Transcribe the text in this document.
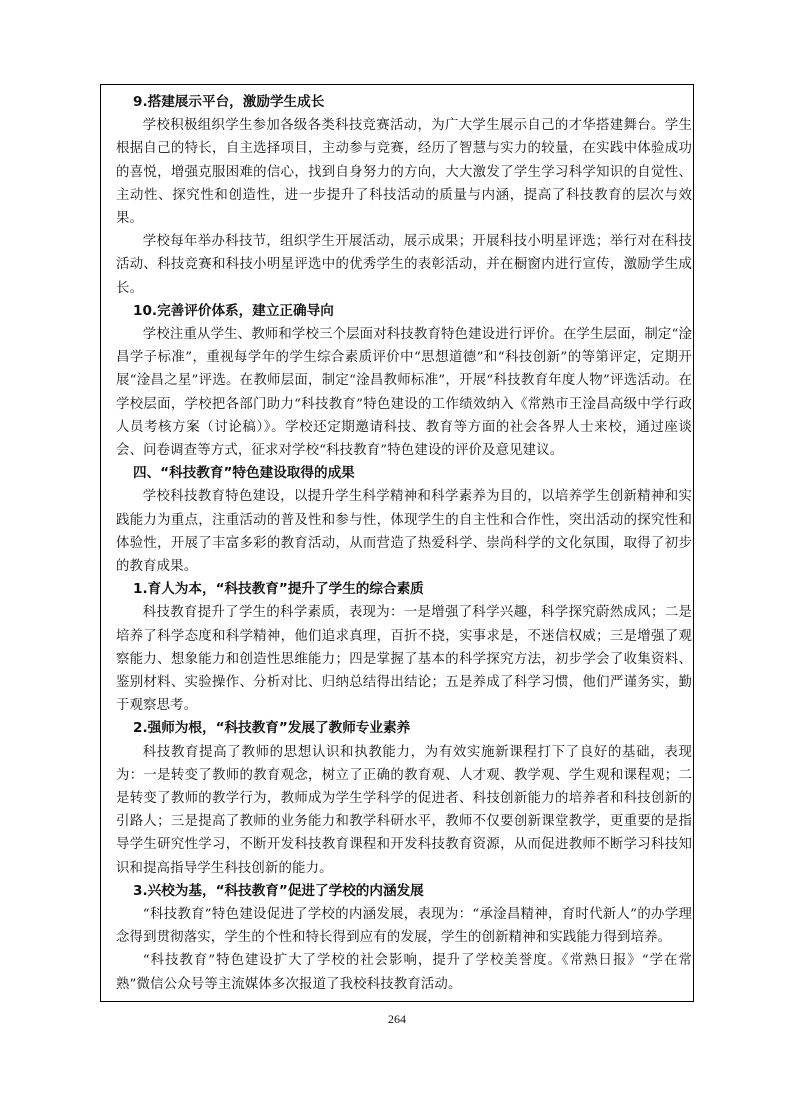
9.搭建展示平台，激励学生成长

学校积极组织学生参加各级各类科技竞赛活动，为广大学生展示自己的才华搭建舞台。学生根据自己的特长，自主选择项目，主动参与竞赛，经历了智慧与实力的较量，在实践中体验成功的喜悦，增强克服困难的信心，找到自身努力的方向，大大激发了学生学习科学知识的自觉性、主动性、探究性和创造性，进一步提升了科技活动的质量与内涵，提高了科技教育的层次与效果。

学校每年举办科技节，组织学生开展活动，展示成果；开展科技小明星评选；举行对在科技活动、科技竞赛和科技小明星评选中的优秀学生的表彰活动，并在橱窗内进行宣传，激励学生成长。

10.完善评价体系，建立正确导向

学校注重从学生、教师和学校三个层面对科技教育特色建设进行评价。在学生层面，制定“淦昌学子标准”，重视每学年的学生综合素质评价中“思想道德”和“科技创新”的等第评定，定期开展“淦昌之星”评选。在教师层面，制定“淦昌教师标准”，开展“科技教育年度人物”评选活动。在学校层面，学校把各部门助力“科技教育”特色建设的工作绩效纳入《常熟市王淦昌高级中学行政人员考核方案（讨论稿）》。学校还定期邀请科技、教育等方面的社会各界人士来校，通过座谈会、问卷调查等方式，征求对学校“科技教育”特色建设的评价及意见建议。

四、“科技教育”特色建设取得的成果

学校科技教育特色建设，以提升学生科学精神和科学素养为目的，以培养学生创新精神和实践能力为重点，注重活动的普及性和参与性，体现学生的自主性和合作性，突出活动的探究性和体验性，开展了丰富多彩的教育活动，从而营造了热爱科学、崇尚科学的文化氛围，取得了初步的教育成果。

1.育人为本，“科技教育”提升了学生的综合素质

科技教育提升了学生的科学素质，表现为：一是增强了科学兴趣，科学探究蔚然成风；二是培养了科学态度和科学精神，他们追求真理，百折不挠，实事求是，不迷信权威；三是增强了观察能力、想象能力和创造性思维能力；四是掌握了基本的科学探究方法，初步学会了收集资料、鉴别材料、实验操作、分析对比、归纳总结得出结论；五是养成了科学习惯，他们严谨务实，勤于观察思考。

2.强师为根，“科技教育”发展了教师专业素养

科技教育提高了教师的思想认识和执教能力，为有效实施新课程打下了良好的基础，表现为：一是转变了教师的教育观念，树立了正确的教育观、人才观、教学观、学生观和课程观；二是转变了教师的教学行为，教师成为学生学科学的促进者、科技创新能力的培养者和科技创新的引路人；三是提高了教师的业务能力和教学科研水平，教师不仅要创新课堂教学，更重要的是指导学生研究性学习，不断开发科技教育课程和开发科技教育资源，从而促进教师不断学习科技知识和提高指导学生科技创新的能力。

3.兴校为基，“科技教育”促进了学校的内涵发展

“科技教育”特色建设促进了学校的内涵发展，表现为：“承淦昌精神，育时代新人”的办学理念得到贯彻落实，学生的个性和特长得到应有的发展，学生的创新精神和实践能力得到培养。

“科技教育”特色建设扩大了学校的社会影响，提升了学校美誉度。《常熟日报》“学在常熟”微信公众号等主流媒体多次报道了我校科技教育活动。

264
